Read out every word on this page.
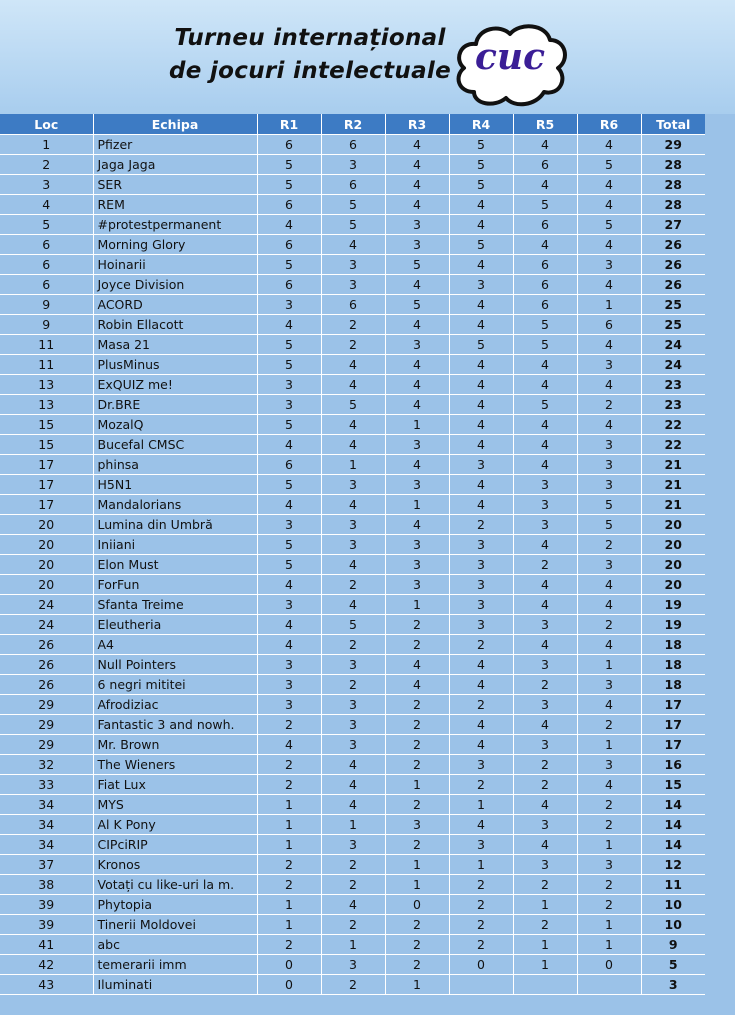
Turneu internațional
de jocuri intelectuale cuc
Loc	Echipa	R1	R2	R3	R4	R5	R6	Total
1	Pfizer	6	6	4	5	4	4	29
2	Jaga Jaga	5	3	4	5	6	5	28
3	SER	5	6	4	5	4	4	28
4	REM	6	5	4	4	5	4	28
5	#protestpermanent	4	5	3	4	6	5	27
6	Morning Glory	6	4	3	5	4	4	26
6	Hoinarii	5	3	5	4	6	3	26
6	Joyce Division	6	3	4	3	6	4	26
9	ACORD	3	6	5	4	6	1	25
9	Robin Ellacott	4	2	4	4	5	6	25
11	Masa 21	5	2	3	5	5	4	24
11	PlusMinus	5	4	4	4	4	3	24
13	ExQUIZ me!	3	4	4	4	4	4	23
13	Dr.BRE	3	5	4	4	5	2	23
15	MozalQ	5	4	1	4	4	4	22
15	Bucefal CMSC	4	4	3	4	4	3	22
17	phinsa	6	1	4	3	4	3	21
17	H5N1	5	3	3	4	3	3	21
17	Mandalorians	4	4	1	4	3	5	21
20	Lumina din Umbră	3	3	4	2	3	5	20
20	Iniiani	5	3	3	3	4	2	20
20	Elon Must	5	4	3	3	2	3	20
20	ForFun	4	2	3	3	4	4	20
24	Sfanta Treime	3	4	1	3	4	4	19
24	Eleutheria	4	5	2	3	3	2	19
26	A4	4	2	2	2	4	4	18
26	Null Pointers	3	3	4	4	3	1	18
26	6 negri mititei	3	2	4	4	2	3	18
29	Afrodiziac	3	3	2	2	3	4	17
29	Fantastic 3 and nowh.	2	3	2	4	4	2	17
29	Mr. Brown	4	3	2	4	3	1	17
32	The Wieners	2	4	2	3	2	3	16
33	Fiat Lux	2	4	1	2	2	4	15
34	MYS	1	4	2	1	4	2	14
34	Al K Pony	1	1	3	4	3	2	14
34	CIPciRIP	1	3	2	3	4	1	14
37	Kronos	2	2	1	1	3	3	12
38	Votați cu like-uri la m.	2	2	1	2	2	2	11
39	Phytopia	1	4	0	2	1	2	10
39	Tinerii Moldovei	1	2	2	2	2	1	10
41	abc	2	1	2	2	1	1	9
42	temerarii imm	0	3	2	0	1	0	5
43	Iluminati	0	2	1				3
